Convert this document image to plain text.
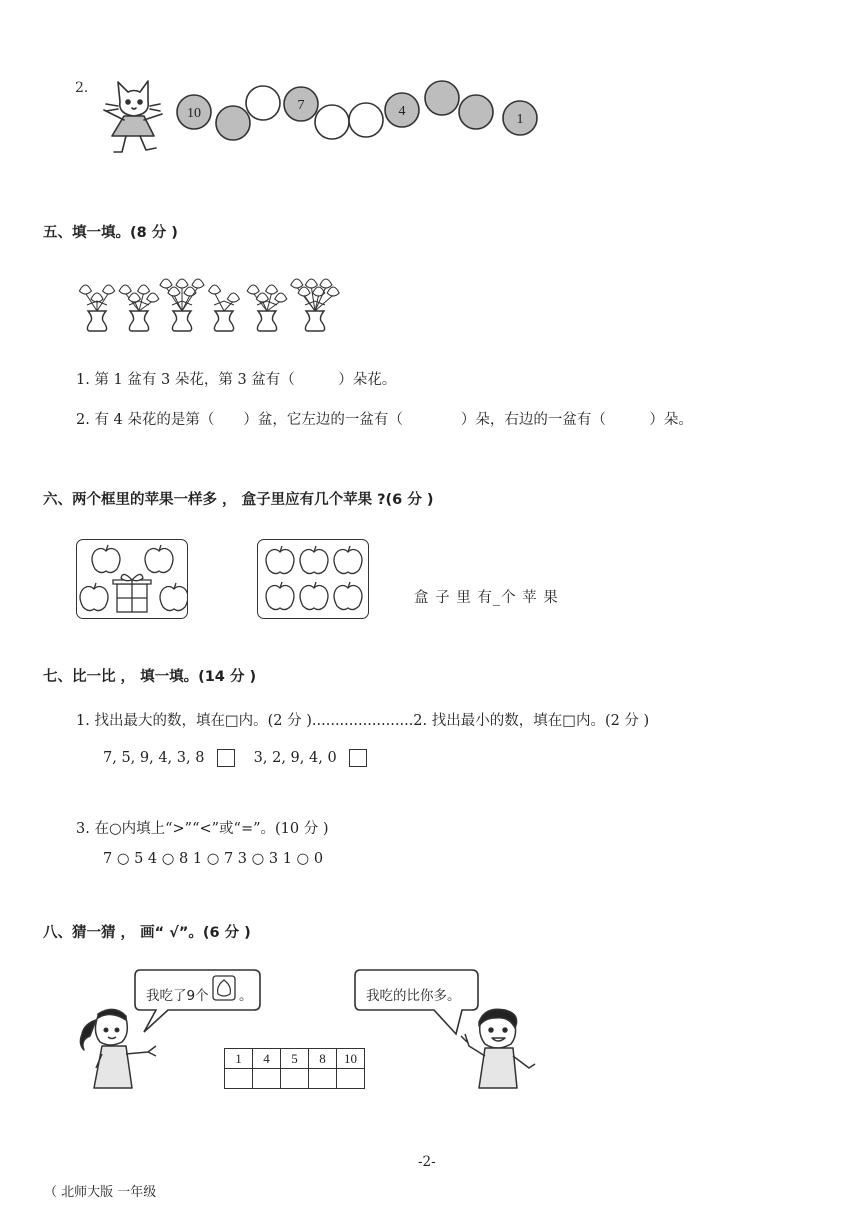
2.
10
7	4
1
五、填一填。(8 分 )
1. 第 1 盆有 3 朵花，第 3 盆有（　　　）朵花。
2. 有 4 朵花的是第（　　）盆，它左边的一盆有（　　　　）朵，右边的一盆有（　　　）朵。
六、两个框里的苹果一样多 ， 盒子里应有几个苹果 ?(6 分 )
盒 子 里 有_个 苹 果
七、比一比 ， 填一填。(14 分 )
1. 找出最大的数，填在□内。(2 分 )......................2. 找出最小的数，填在□内。(2 分 )
7, 5, 9, 4, 3, 8	3, 2, 9, 4, 0
3. 在○内填上“>”“<”或“=”。(10 分 )
7 ○ 5 4 ○ 8 1 ○ 7 3 ○ 3 1 ○ 0
八、猜一猜 ， 画“ √”。(6 分 )
我吃了9个 。	我吃的比你多。
1	4	5	8	10

-2-
（ 北师大版 一年级
